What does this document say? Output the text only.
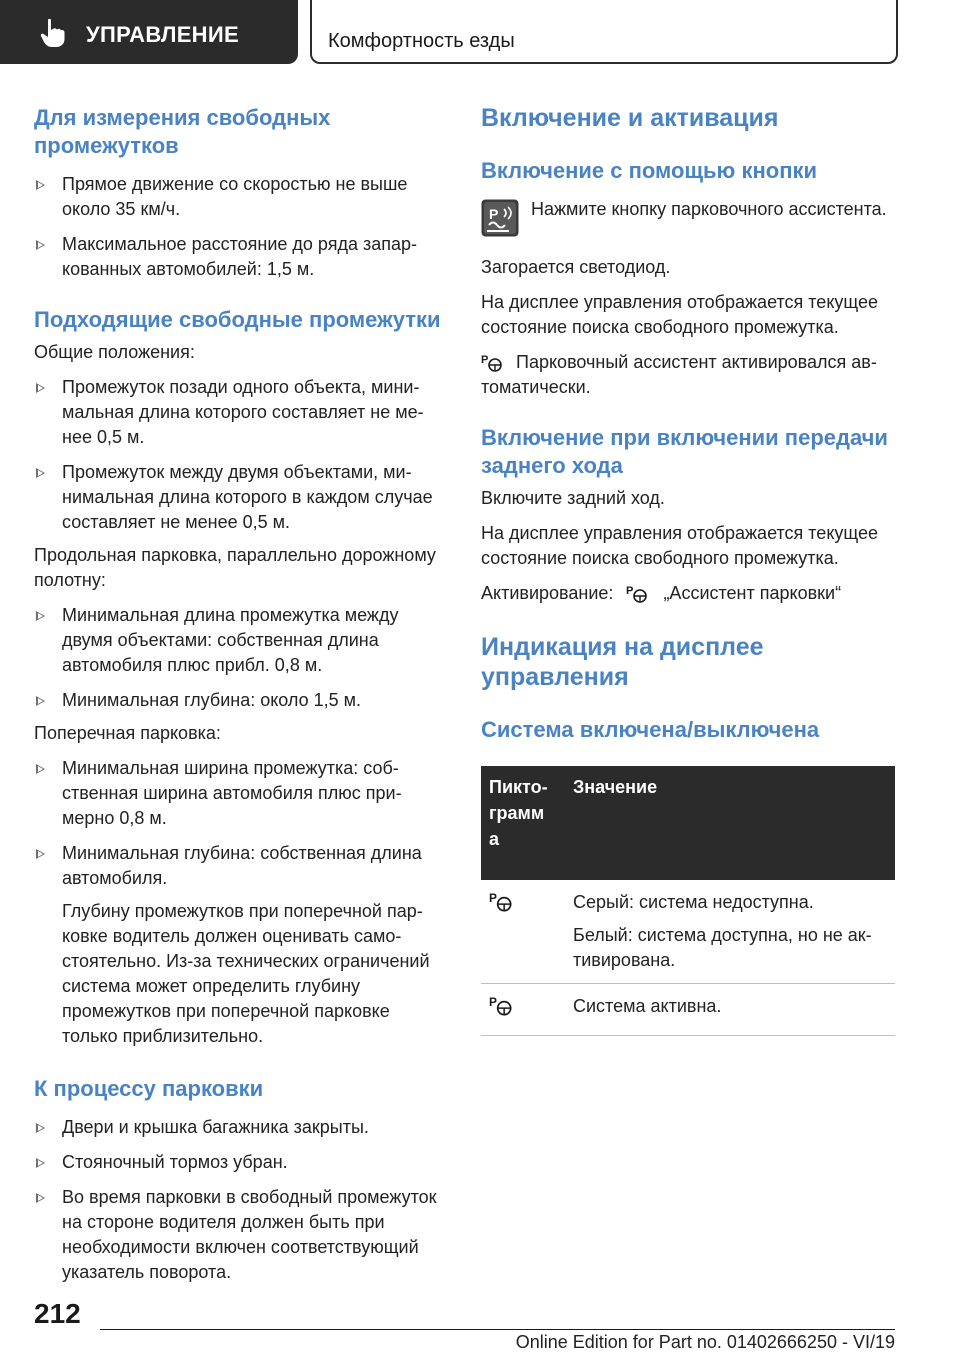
УПРАВЛЕНИЕ	Комфортность езды
Для измерения свободных промежутков
Прямое движение со скоростью не выше около 35 км/ч.
Максимальное расстояние до ряда запаркованных автомобилей: 1,5 м.
Подходящие свободные промежутки

Общие положения:

Промежуток позади одного объекта, минимальная длина которого составляет не менее 0,5 м.
Промежуток между двумя объектами, минимальная длина которого в каждом случае составляет не менее 0,5 м.

Продольная парковка, параллельно дорожному полотну:

Минимальная длина промежутка между двумя объектами: собственная длина автомобиля плюс прибл. 0,8 м.
Минимальная глубина: около 1,5 м.

Поперечная парковка:

Минимальная ширина промежутка: собственная ширина автомобиля плюс примерно 0,8 м.
Минимальная глубина: собственная длина автомобиля.
Глубину промежутков при поперечной парковке водитель должен оценивать самостоятельно. Из-за технических ограничений система может определить глубину промежутков при поперечной парковке только приблизительно.
К процессу парковки
Двери и крышка багажника закрыты.
Стояночный тормоз убран.
Во время парковки в свободный промежуток на стороне водителя должен быть при необходимости включен соответствующий указатель поворота.
Включение и активация
Включение с помощью кнопки
P	Нажмите кнопку парковочного ассистента.

Загорается светодиод.

На дисплее управления отображается текущее состояние поиска свободного промежутка.

P Парковочный ассистент активировался автоматически.

Включение при включении передачи заднего хода

Включите задний ход.

На дисплее управления отображается текущее состояние поиска свободного промежутка.

Активирование: P „Ассистент парковки“

Индикация на дисплее управления
Система включена/выключена
Пиктограмм а	Значение

P	Серый: система недоступна.
Белый: система доступна, но не активирована.

P	Система активна.
212
Online Edition for Part no. 01402666250 - VI/19
